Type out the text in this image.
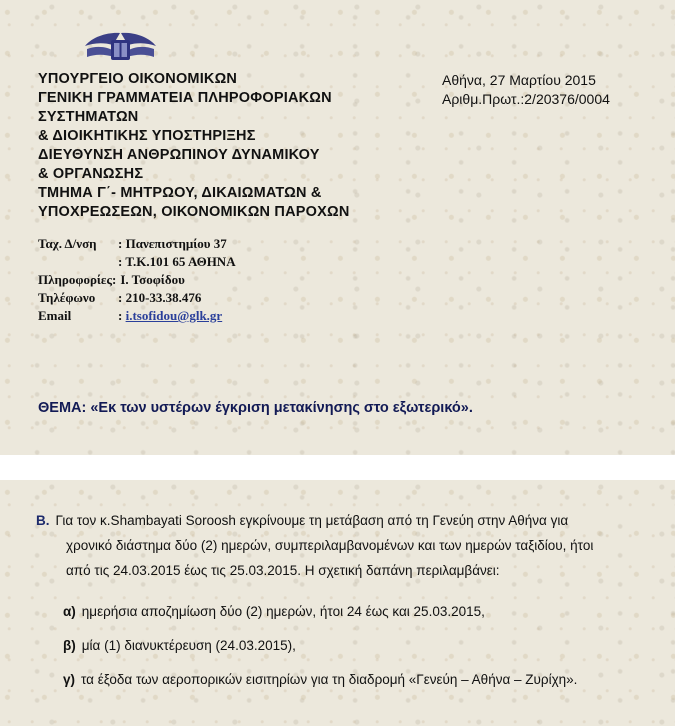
ΥΠΟΥΡΓΕΙΟ ΟΙΚΟΝΟΜΙΚΩΝ
ΓΕΝΙΚΗ ΓΡΑΜΜΑΤΕΙΑ ΠΛΗΡΟΦΟΡΙΑΚΩΝ
ΣΥΣΤΗΜΑΤΩΝ
& ΔΙΟΙΚΗΤΙΚΗΣ ΥΠΟΣΤΗΡΙΞΗΣ
ΔΙΕΥΘΥΝΣΗ ΑΝΘΡΩΠΙΝΟΥ ΔΥΝΑΜΙΚΟΥ
& ΟΡΓΑΝΩΣΗΣ
ΤΜΗΜΑ Γ΄- ΜΗΤΡΩΟΥ, ΔΙΚΑΙΩΜΑΤΩΝ &
ΥΠΟΧΡΕΩΣΕΩΝ, ΟΙΚΟΝΟΜΙΚΩΝ ΠΑΡΟΧΩΝ
Αθήνα, 27 Μαρτίου 2015
Αριθμ.Πρωτ.:2/20376/0004
Ταχ. Δ/νση	: Πανεπιστημίου 37
: Τ.Κ.101 65 ΑΘΗΝΑ
Πληροφορίες: Ι. Τσοφίδου
Τηλέφωνο	: 210-33.38.476
Email	: i.tsofidou@glk.gr
ΘΕΜΑ: «Εκ των υστέρων έγκριση μετακίνησης στο εξωτερικό».
Β. Για τον κ.Shambayati Soroosh εγκρίνουμε τη μετάβαση από τη Γενεύη στην Αθήνα για
χρονικό διάστημα δύο (2) ημερών, συμπεριλαμβανομένων και των ημερών ταξιδίου, ήτοι
από τις 24.03.2015 έως τις 25.03.2015. Η σχετική δαπάνη περιλαμβάνει:
α) ημερήσια αποζημίωση δύο (2) ημερών, ήτοι 24 έως και 25.03.2015,
β) μία (1) διανυκτέρευση (24.03.2015),
γ) τα έξοδα των αεροπορικών εισιτηρίων για τη διαδρομή «Γενεύη – Αθήνα – Ζυρίχη».
